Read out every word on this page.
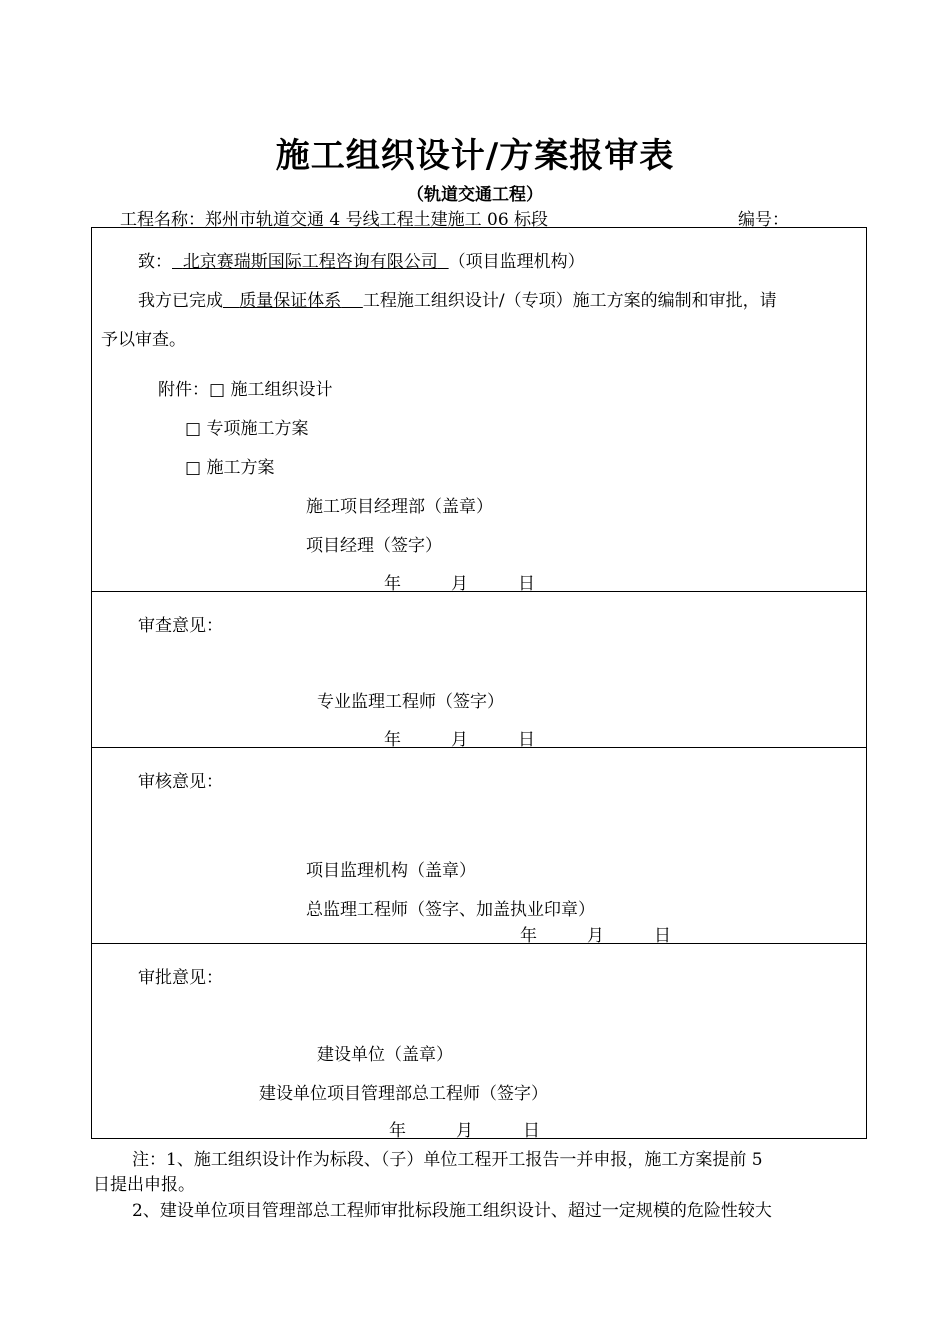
施工组织设计/方案报审表
（轨道交通工程）
工程名称：郑州市轨道交通 4 号线工程土建施工 06 标段	编号：
致： 北京赛瑞斯国际工程咨询有限公司 （项目监理机构）
我方已完成 质量保证体系 工程施工组织设计/（专项）施工方案的编制和审批，请
予以审查。
附件：□ 施工组织设计
□ 专项施工方案
□ 施工方案
施工项目经理部（盖章）
项目经理（签字）
年	月	日
审查意见：
专业监理工程师（签字）
年	月	日
审核意见：
项目监理机构（盖章）
总监理工程师（签字、加盖执业印章）
年	月	日
审批意见：
建设单位（盖章）
建设单位项目管理部总工程师（签字）
年	月	日
注：1、施工组织设计作为标段、（子）单位工程开工报告一并申报，施工方案提前 5
日提出申报。
2、建设单位项目管理部总工程师审批标段施工组织设计、超过一定规模的危险性较大
